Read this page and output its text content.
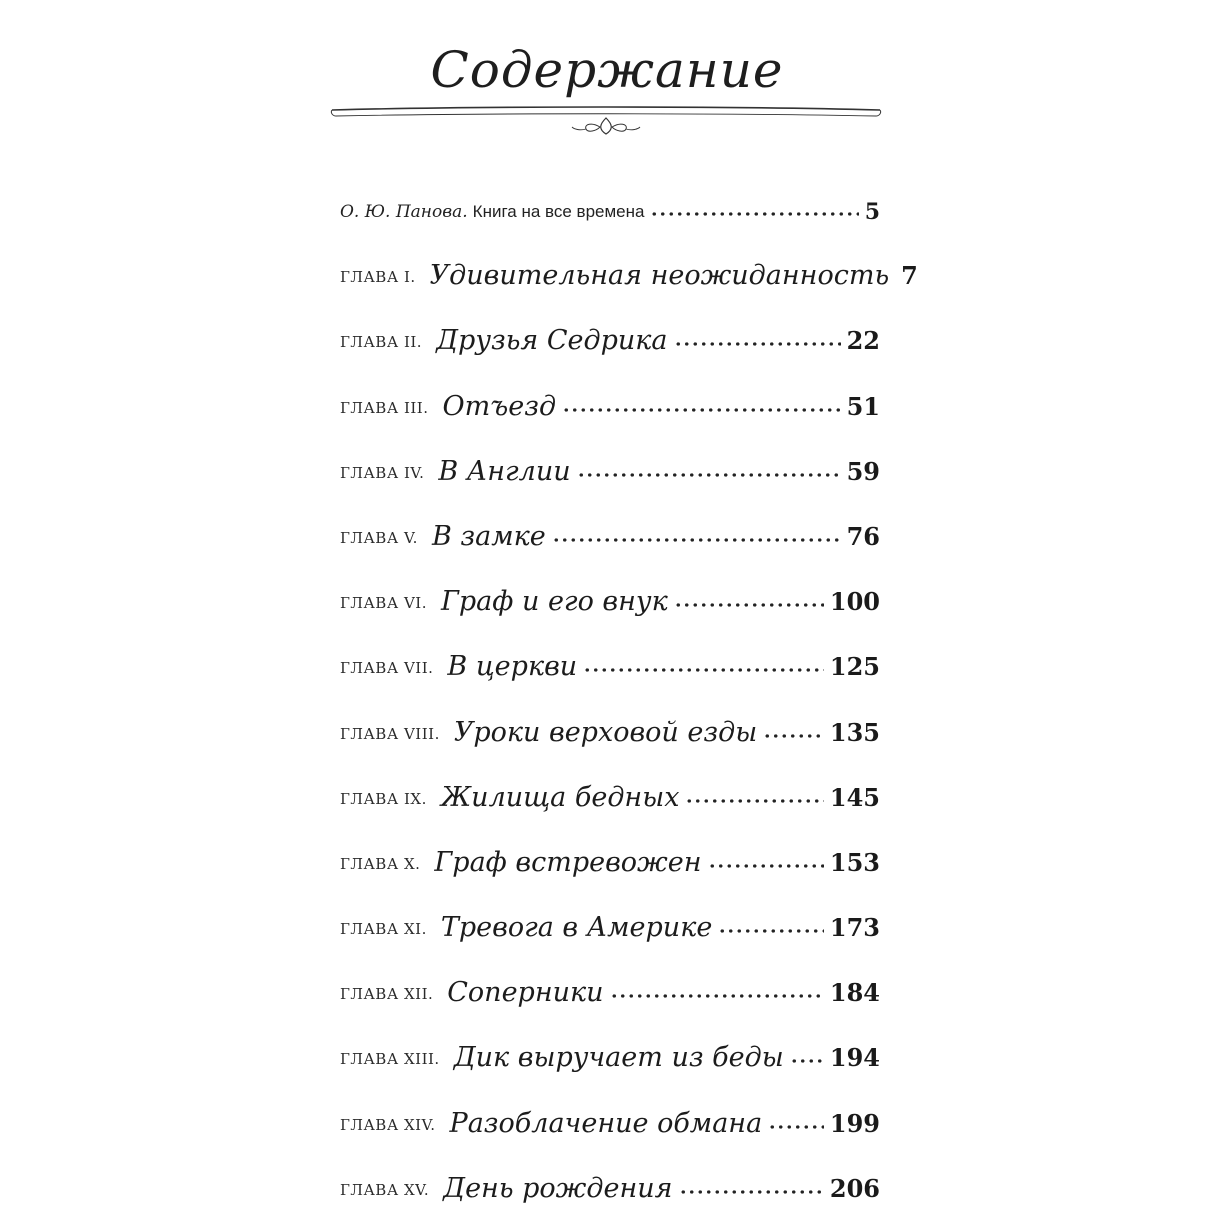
Содержание
О. Ю. Панова. Книга на все времена	5
ГЛАВА I. Удивительная неожиданность 7
ГЛАВА II. Друзья Седрика	22
ГЛАВА III. Отъезд	51
ГЛАВА IV. В Англии	59
ГЛАВА V. В замке	76
ГЛАВА VI. Граф и его внук	100
ГЛАВА VII. В церкви	125
ГЛАВА VIII. Уроки верховой езды	135
ГЛАВА IX. Жилища бедных	145
ГЛАВА X. Граф встревожен	153
ГЛАВА XI. Тревога в Америке	173
ГЛАВА XII. Соперники	184
ГЛАВА XIII. Дик выручает из беды 194
ГЛАВА XIV. Разоблачение обмана	199
ГЛАВА XV. День рождения	206
